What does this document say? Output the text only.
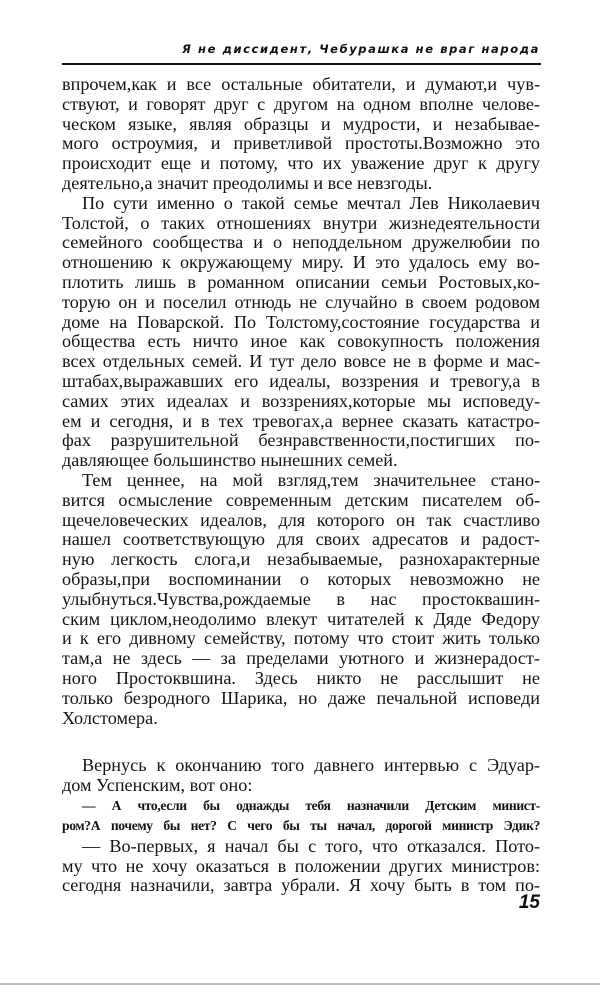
Я не диссидент, Чебурашка не враг народа
впрочем,как и все остальные обитатели, и думают,и чув-
ствуют, и говорят друг с другом на одном вполне челове-
ческом языке, являя образцы и мудрости, и незабывае-
мого остроумия, и приветливой простоты.Возможно это
происходит еще и потому, что их уважение друг к другу
деятельно,а значит преодолимы и все невзгоды.
По сути именно о такой семье мечтал Лев Николаевич
Толстой, о таких отношениях внутри жизнедеятельности
семейного сообщества и о неподдельном дружелюбии по
отношению к окружающему миру. И это удалось ему во-
плотить лишь в романном описании семьи Ростовых,ко-
торую он и поселил отнюдь не случайно в своем родовом
доме на Поварской. По Толстому,состояние государства и
общества есть ничто иное как совокупность положения
всех отдельных семей. И тут дело вовсе не в форме и мас-
штабах,выражавших его идеалы, воззрения и тревогу,а в
самих этих идеалах и воззрениях,которые мы исповеду-
ем и сегодня, и в тех тревогах,а вернее сказать катастро-
фах разрушительной безнравственности,постигших по-
давляющее большинство нынешних семей.
Тем ценнее, на мой взгляд,тем значительнее стано-
вится осмысление современным детским писателем об-
щечеловеческих идеалов, для которого он так счастливо
нашел соответствующую для своих адресатов и радост-
ную легкость слога,и незабываемые, разнохарактерные
образы,при воспоминании о которых невозможно не
улыбнуться.Чувства,рождаемые в нас простоквашин-
ским циклом,неодолимо влекут читателей к Дяде Федору
и к его дивному семейству, потому что стоит жить только
там,а не здесь — за пределами уютного и жизнерадост-
ного Простоквшина. Здесь никто не расслышит не
только безродного Шарика, но даже печальной исповеди
Холстомера.
Вернусь к окончанию того давнего интервью с Эдуар-
дом Успенским, вот оно:
— А что,если бы однажды тебя назначили Детским минист-
ром?А почему бы нет? С чего бы ты начал, дорогой министр Эдик?
— Во-первых, я начал бы с того, что отказался. Пото-
му что не хочу оказаться в положении других министров:
сегодня назначили, завтра убрали. Я хочу быть в том по-
15
